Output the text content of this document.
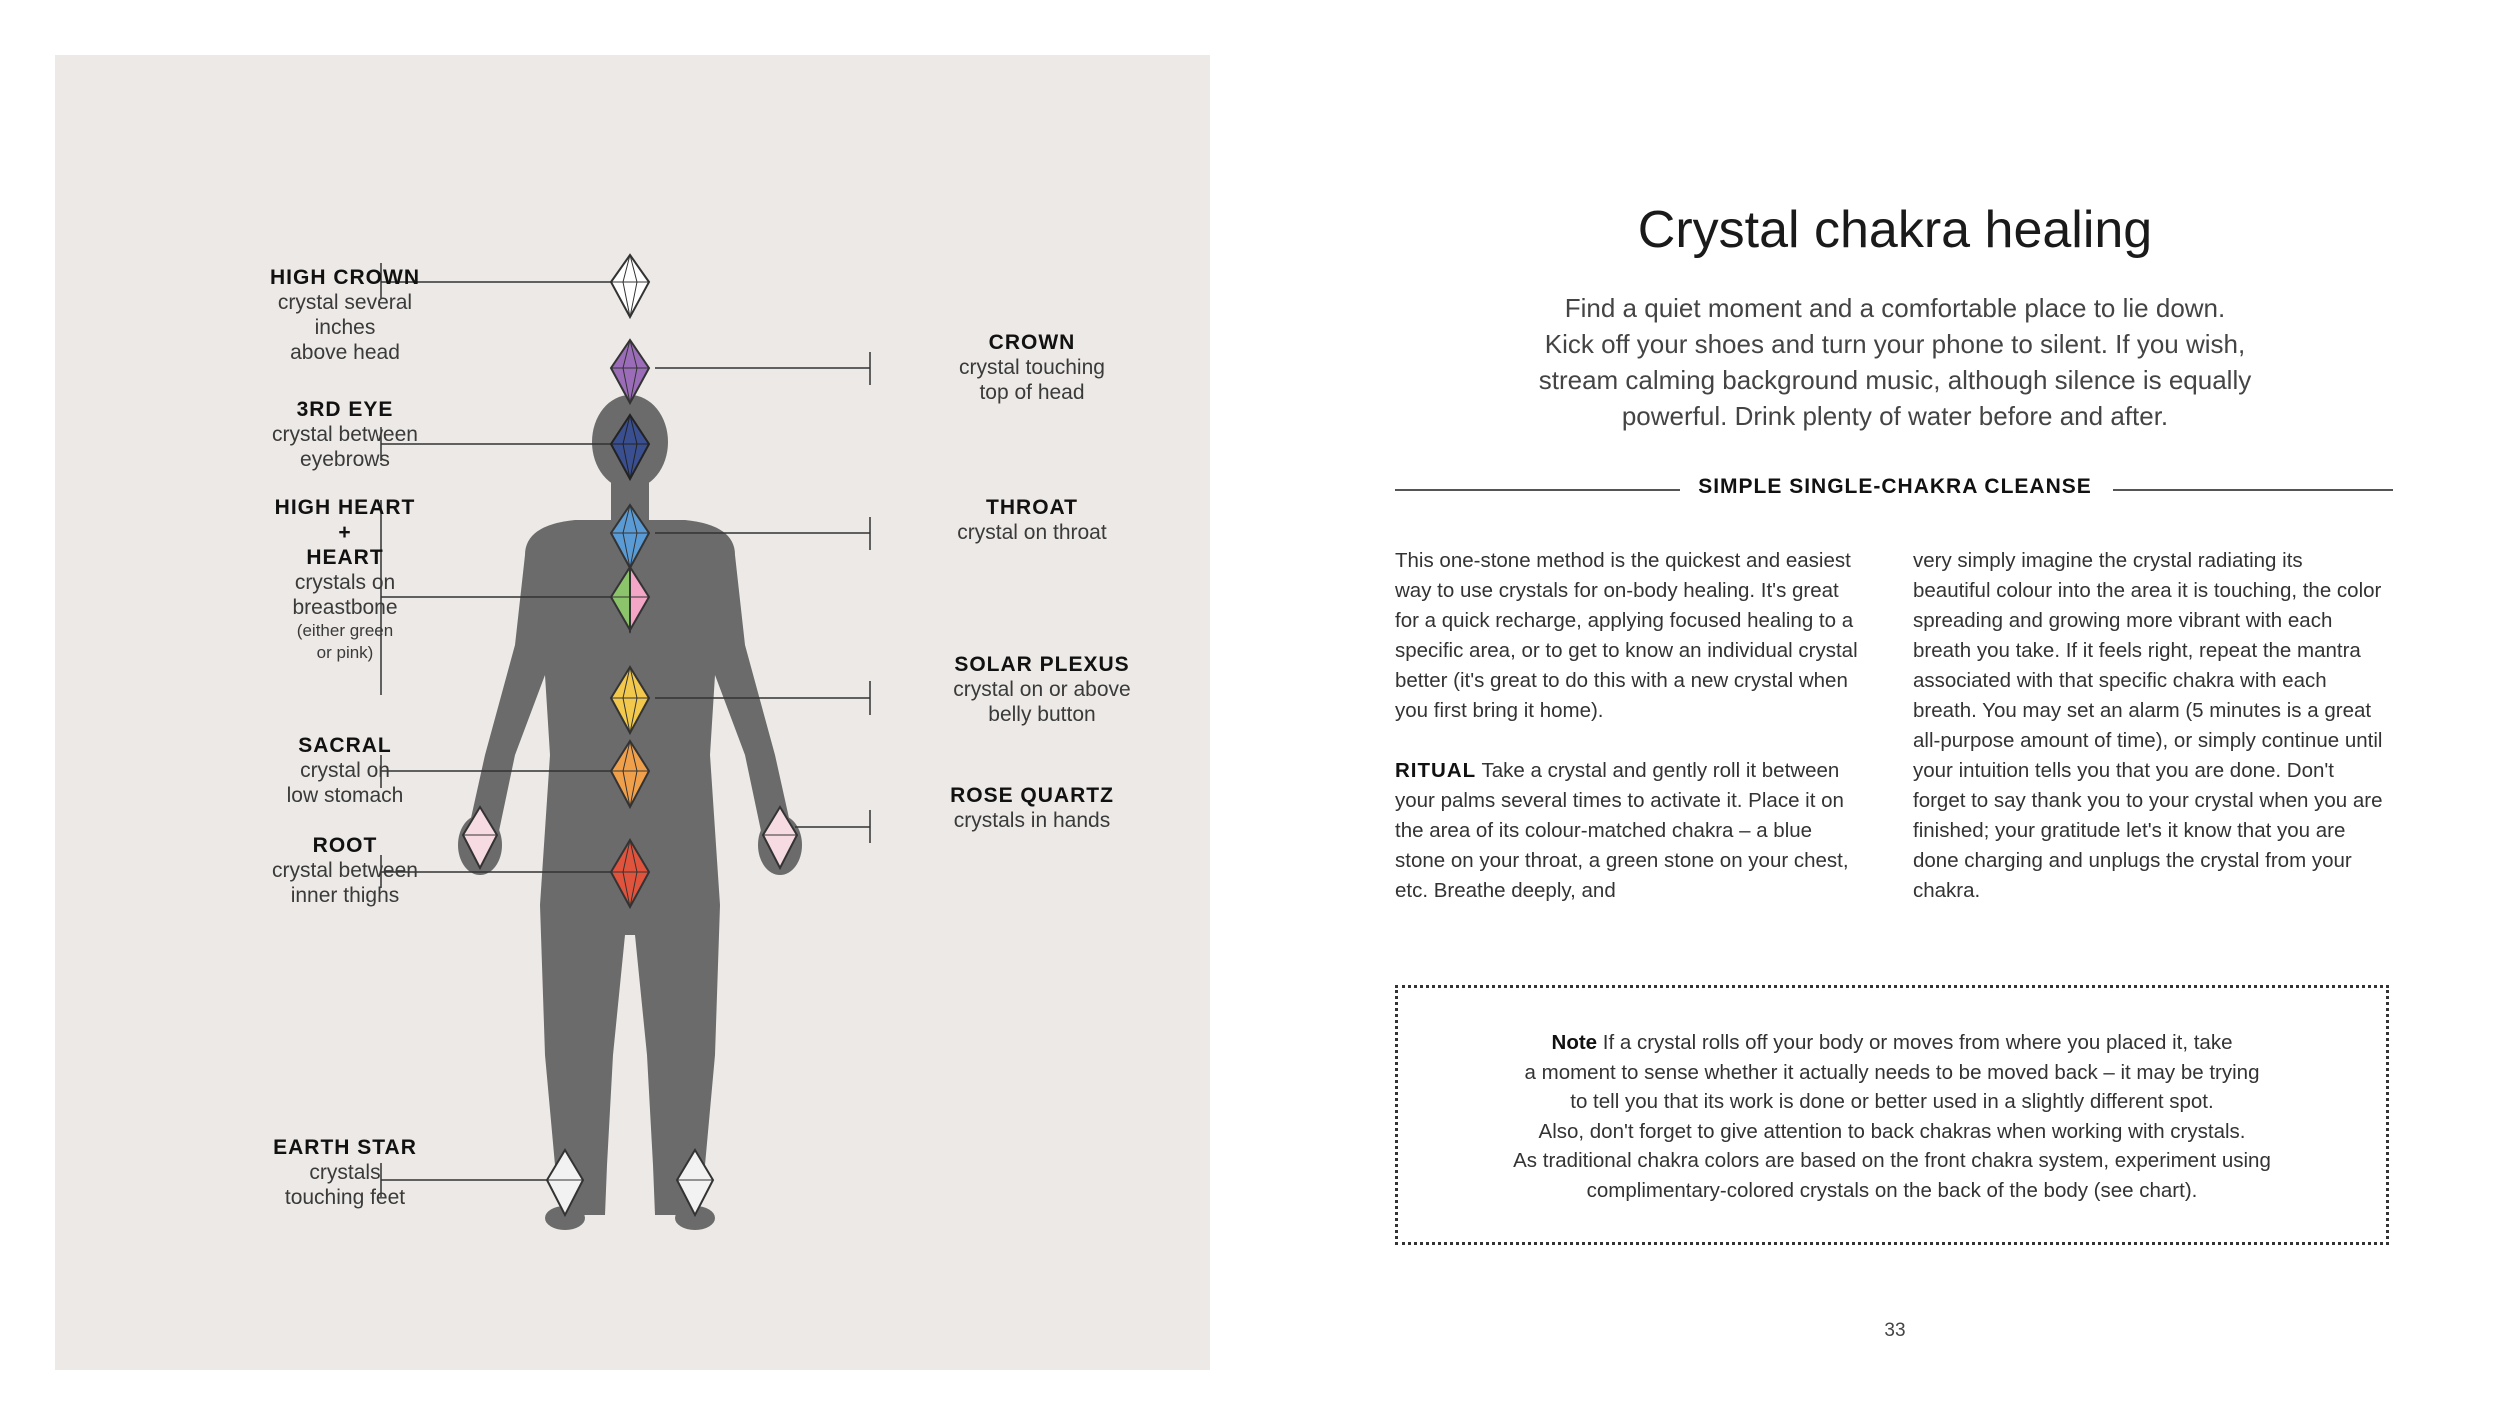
HIGH CROWN
crystal several
inches
above head
3RD EYE
crystal between
eyebrows
HIGH HEART
+
HEART
crystals on
breastbone
(either green
or pink)
SACRAL
crystal on
low stomach
ROOT
crystal between
inner thighs
EARTH STAR
crystals
touching feet
CROWN
crystal touching
top of head
THROAT
crystal on throat
SOLAR PLEXUS
crystal on or above
belly button
ROSE QUARTZ
crystals in hands
Crystal chakra healing
Find a quiet moment and a comfortable place to lie down.
Kick off your shoes and turn your phone to silent. If you wish,
stream calming background music, although silence is equally
powerful. Drink plenty of water before and after.
SIMPLE SINGLE-CHAKRA CLEANSE

This one-stone method is the quickest and easiest way to use crystals for on-body healing. It's great for a quick recharge, applying focused healing to a specific area, or to get to know an individual crystal better (it's great to do this with a new crystal when you first bring it home).

RITUAL Take a crystal and gently roll it between your palms several times to activate it. Place it on the area of its colour-matched chakra – a blue stone on your throat, a green stone on your chest, etc. Breathe deeply, and

very simply imagine the crystal radiating its beautiful colour into the area it is touching, the color spreading and growing more vibrant with each breath you take. If it feels right, repeat the mantra associated with that specific chakra with each breath. You may set an alarm (5 minutes is a great all-purpose amount of time), or simply continue until your intuition tells you that you are done. Don't forget to say thank you to your crystal when you are finished; your gratitude let's it know that you are done charging and unplugs the crystal from your chakra.

Note If a crystal rolls off your body or moves from where you placed it, take
a moment to sense whether it actually needs to be moved back – it may be trying
to tell you that its work is done or better used in a slightly different spot.
Also, don't forget to give attention to back chakras when working with crystals.
As traditional chakra colors are based on the front chakra system, experiment using
complimentary-colored crystals on the back of the body (see chart).
33
